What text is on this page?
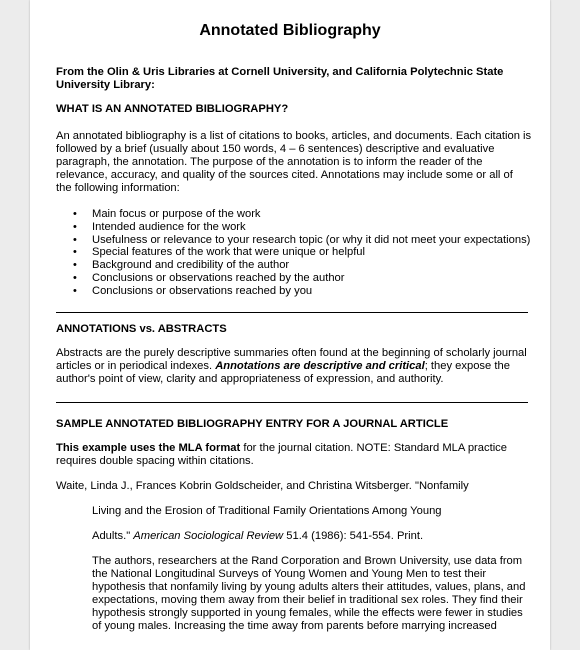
Annotated Bibliography
From the Olin & Uris Libraries at Cornell University, and California Polytechnic State
University Library:
WHAT IS AN ANNOTATED BIBLIOGRAPHY?
An annotated bibliography is a list of citations to books, articles, and documents. Each citation is
followed by a brief (usually about 150 words, 4 – 6 sentences) descriptive and evaluative
paragraph, the annotation. The purpose of the annotation is to inform the reader of the
relevance, accuracy, and quality of the sources cited. Annotations may include some or all of
the following information:
• Main focus or purpose of the work
• Intended audience for the work
• Usefulness or relevance to your research topic (or why it did not meet your expectations)
• Special features of the work that were unique or helpful
• Background and credibility of the author
• Conclusions or observations reached by the author
• Conclusions or observations reached by you
ANNOTATIONS vs. ABSTRACTS
Abstracts are the purely descriptive summaries often found at the beginning of scholarly journal
articles or in periodical indexes. Annotations are descriptive and critical; they expose the
author's point of view, clarity and appropriateness of expression, and authority.
SAMPLE ANNOTATED BIBLIOGRAPHY ENTRY FOR A JOURNAL ARTICLE
This example uses the MLA format for the journal citation. NOTE: Standard MLA practice
requires double spacing within citations.
Waite, Linda J., Frances Kobrin Goldscheider, and Christina Witsberger. "Nonfamily
Living and the Erosion of Traditional Family Orientations Among Young
Adults." American Sociological Review 51.4 (1986): 541-554. Print.
The authors, researchers at the Rand Corporation and Brown University, use data from
the National Longitudinal Surveys of Young Women and Young Men to test their
hypothesis that nonfamily living by young adults alters their attitudes, values, plans, and
expectations, moving them away from their belief in traditional sex roles. They find their
hypothesis strongly supported in young females, while the effects were fewer in studies
of young males. Increasing the time away from parents before marrying increased
